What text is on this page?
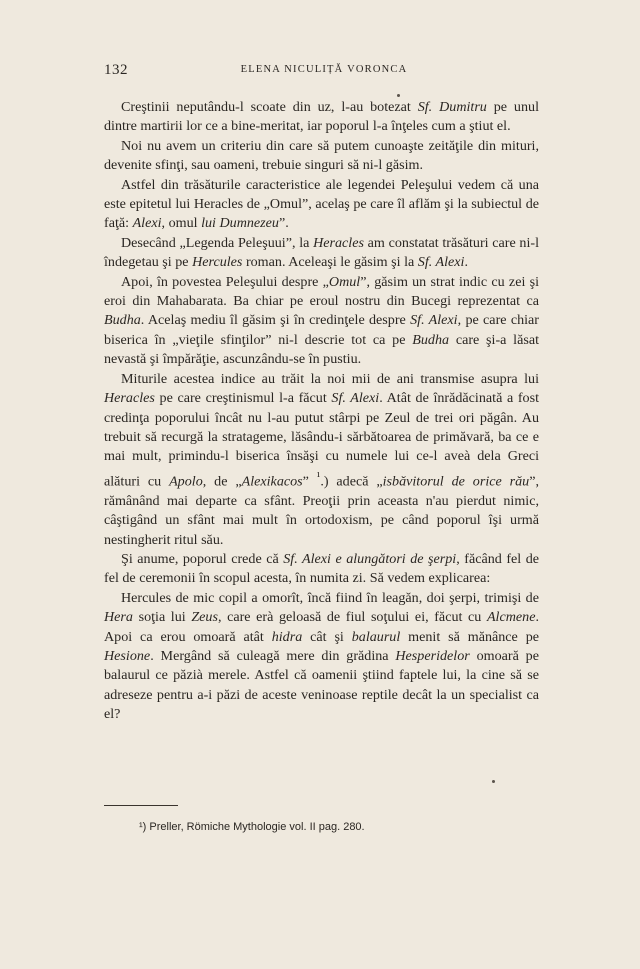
132	ELENA NICULIȚĂ VORONCA

Creştinii neputându-l scoate din uz, l-au botezat Sf. Dumitru pe unul dintre martirii lor ce a bine-meritat, iar poporul l-a înţeles cum a ştiut el.

Noi nu avem un criteriu din care să putem cunoaşte zeităţile din mituri, devenite sfinţi, sau oameni, trebuie singuri să ni-l găsim.

Astfel din trăsăturile caracteristice ale legendei Peleşului vedem că una este epitetul lui Heracles de „Omul”, acelaş pe care îl aflăm şi la subiectul de faţă: Alexi, omul lui Dumnezeu”.

Desecând „Legenda Peleşuui”, la Heracles am constatat trăsături care ni-l îndegetau şi pe Hercules roman. Aceleaşi le găsim şi la Sf. Alexi.

Apoi, în povestea Peleşului despre „Omul”, găsim un strat indic cu zei şi eroi din Mahabarata. Ba chiar pe eroul nostru din Bucegi reprezentat ca Budha. Acelaş mediu îl găsim şi în credinţele despre Sf. Alexi, pe care chiar biserica în „vieţile sfinţilor” ni-l descrie tot ca pe Budha care şi-a lăsat nevastă şi împărăţie, ascunzându-se în pustiu.

Miturile acestea indice au trăit la noi mii de ani transmise asupra lui Heracles pe care creştinismul l-a făcut Sf. Alexi. Atât de înrădăcinată a fost credinţa poporului încât nu l-au putut stârpi pe Zeul de trei ori păgân. Au trebuit să recurgă la stratageme, lăsându-i sărbătoarea de primăvară, ba ce e mai mult, primindu-l biserica însăşi cu numele lui ce-l aveà dela Greci alături cu Apolo, de „Alexikacos” $^{^1}$.) adecă „isbăvitorul de orice rău”, rămânând mai departe ca sfânt. Preoţii prin aceasta n'au pierdut nimic, câştigând un sfânt mai mult în ortodoxism, pe când poporul îşi urmă nestingherit ritul său.

Şi anume, poporul crede că Sf. Alexi e alungători de şerpi, făcând fel de fel de ceremonii în scopul acesta, în numita zi. Să vedem explicarea:

Hercules de mic copil a omorît, încă fiind în leagăn, doi şerpi, trimişi de Hera soţia lui Zeus, care erà geloasă de fiul soţului ei, făcut cu Alcmene. Apoi ca erou omoară atât hidra cât şi balaurul menit să mănânce pe Hesione. Mergând să culeagă mere din grădina Hesperidelor omoară pe balaurul ce păzià merele. Astfel că oamenii ştiind faptele lui, la cine să se adreseze pentru a-i păzi de aceste veninoase reptile decât la un specialist ca el?

¹) Preller, Römiche Mythologie vol. II pag. 280.
